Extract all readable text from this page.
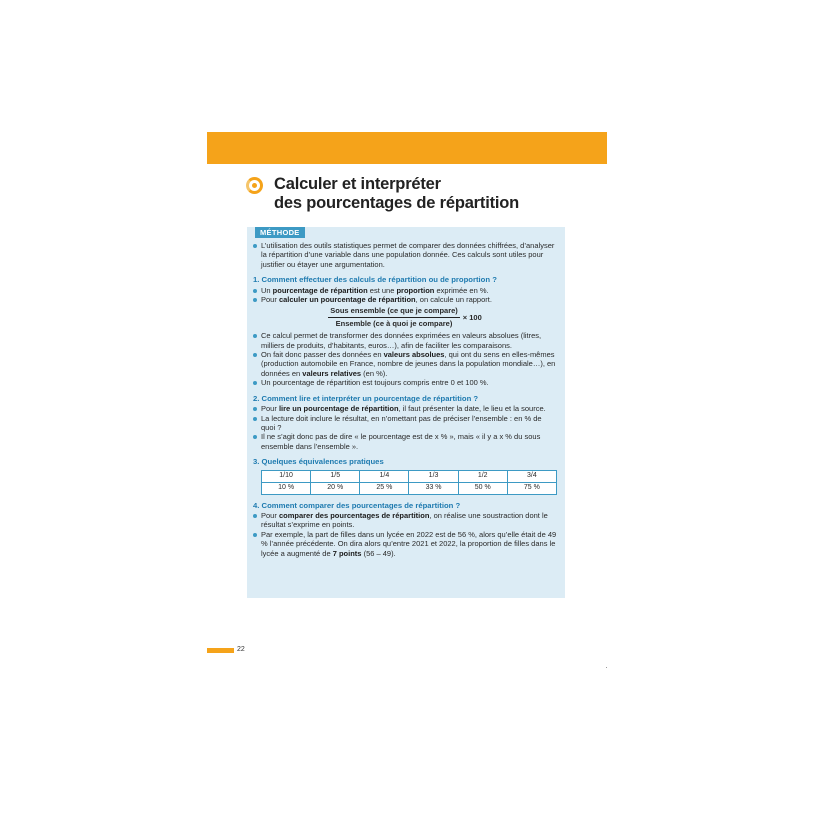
Calculer et interpréter
des pourcentages de répartition
MÉTHODE

L’utilisation des outils statistiques permet de comparer des données chiffrées, d’analyser la répartition d’une variable dans une population donnée. Ces calculs sont utiles pour justifier ou étayer une argumentation.

1. Comment effectuer des calculs de répartition ou de proportion ?

Un pourcentage de répartition est une proportion exprimée en %.

Pour calculer un pourcentage de répartition, on calcule un rapport.

$\frac{\text{Sous ensemble (ce que je compare)}}{\text{Ensemble (ce à quoi je compare)}} \times 100$

Ce calcul permet de transformer des données exprimées en valeurs absolues (litres, milliers de produits, d’habitants, euros…), afin de faciliter les comparaisons.

On fait donc passer des données en valeurs absolues, qui ont du sens en elles-mêmes (production automobile en France, nombre de jeunes dans la population mondiale…), en données en valeurs relatives (en %).

Un pourcentage de répartition est toujours compris entre 0 et 100 %.

2. Comment lire et interpréter un pourcentage de répartition ?

Pour lire un pourcentage de répartition, il faut présenter la date, le lieu et la source.

La lecture doit inclure le résultat, en n’omettant pas de préciser l’ensemble : en % de quoi ?

Il ne s’agit donc pas de dire « le pourcentage est de x % », mais « il y a x % du sous ensemble dans l’ensemble ».

3. Quelques équivalences pratiques
1/10	1/5	1/4	1/3	1/2	3/4
10 %	20 %	25 %	33 %	50 %	75 %
4. Comment comparer des pourcentages de répartition ?

Pour comparer des pourcentages de répartition, on réalise une soustraction dont le résultat s’exprime en points.

Par exemple, la part de filles dans un lycée en 2022 est de 56 %, alors qu’elle était de 49 % l’année précédente. On dira alors qu’entre 2021 et 2022, la proportion de filles dans le lycée a augmenté de 7 points (56 – 49).

22
